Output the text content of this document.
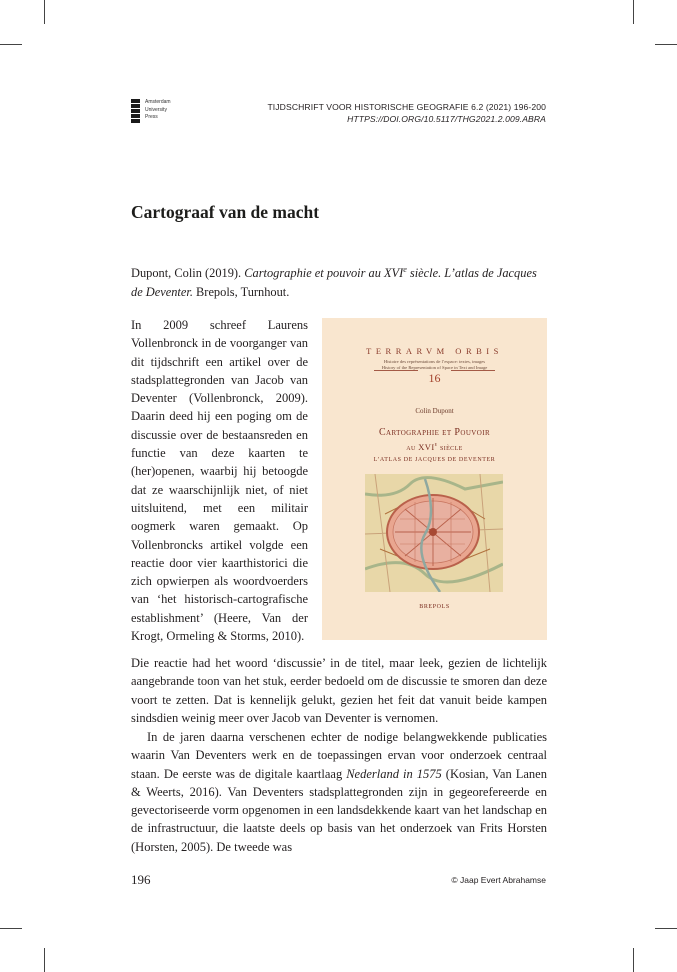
Amsterdam
University
Press
TIJDSCHRIFT VOOR HISTORISCHE GEOGRAFIE 6.2 (2021) 196-200
HTTPS://DOI.ORG/10.5117/THG2021.2.009.ABRA
Cartograaf van de macht
Dupont, Colin (2019). Cartographie et pouvoir au XVIe siècle. L’atlas de Jacques de Deventer. Brepols, Turnhout.
TERRARVM ORBIS
Histoire des représentations de l’espace: textes, images
History of the Representation of Space in Text and Image
16
Colin Dupont
Cartographie et Pouvoir
au XVIe siècle
L’ATLAS DE JACQUES DE DEVENTER
BREPOLS

In 2009 schreef Laurens Vollenbronck in de voorganger van dit tijdschrift een artikel over de stadsplattegronden van Jacob van Deventer (Vollenbronck, 2009). Daarin deed hij een poging om de discussie over de bestaansreden en functie van deze kaarten te (her)openen, waarbij hij betoogde dat ze waarschijnlijk niet, of niet uitsluitend, met een militair oogmerk waren gemaakt. Op Vollenbroncks artikel volgde een reactie door vier kaarthistorici die zich opwierpen als woordvoerders van ‘het historisch-cartografische establishment’ (Heere, Van der Krogt, Ormeling & Storms, 2010).

Die reactie had het woord ‘discussie’ in de titel, maar leek, gezien de lichtelijk aangebrande toon van het stuk, eerder bedoeld om de discussie te smoren dan deze voort te zetten. Dat is kennelijk gelukt, gezien het feit dat vanuit beide kampen sindsdien weinig meer over Jacob van Deventer is vernomen.

In de jaren daarna verschenen echter de nodige belangwekkende publicaties waarin Van Deventers werk en de toepassingen ervan voor onderzoek centraal staan. De eerste was de digitale kaartlaag Nederland in 1575 (Kosian, Van Lanen & Weerts, 2016). Van Deventers stadsplattegronden zijn in gegeorefereerde en gevectoriseerde vorm opgenomen in een landsdekkende kaart van het landschap en de infrastructuur, die laatste deels op basis van het onderzoek van Frits Horsten (Horsten, 2005). De tweede was

196	© Jaap Evert Abrahamse
